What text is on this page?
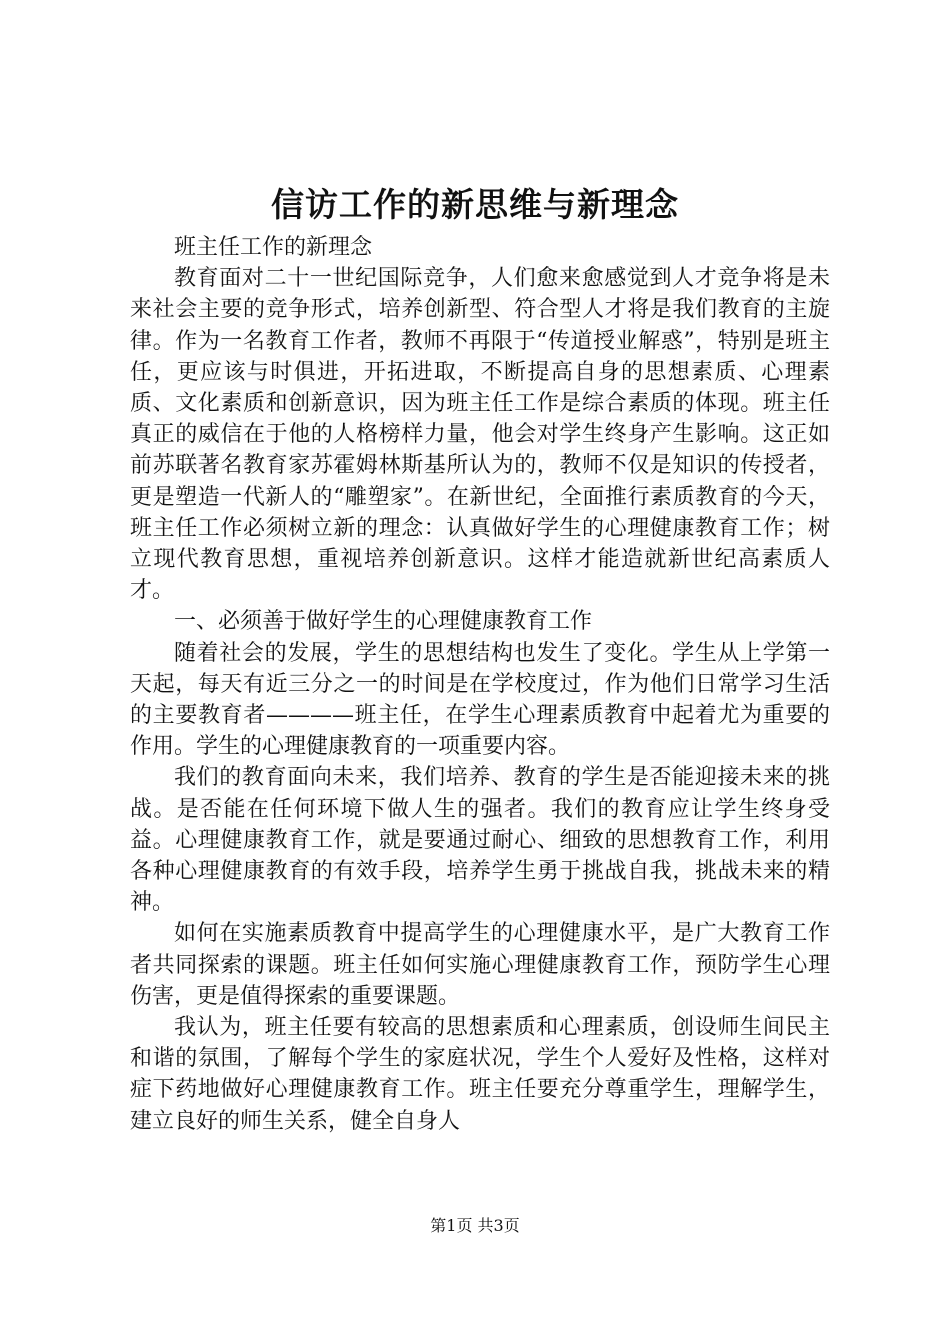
信访工作的新思维与新理念

班主任工作的新理念

教育面对二十一世纪国际竞争，人们愈来愈感觉到人才竞争将是未来社会主要的竞争形式，培养创新型、符合型人才将是我们教育的主旋律。作为一名教育工作者，教师不再限于“传道授业解惑”，特别是班主任，更应该与时俱进，开拓进取，不断提高自身的思想素质、心理素质、文化素质和创新意识，因为班主任工作是综合素质的体现。班主任真正的威信在于他的人格榜样力量，他会对学生终身产生影响。这正如前苏联著名教育家苏霍姆林斯基所认为的，教师不仅是知识的传授者，更是塑造一代新人的“雕塑家”。在新世纪，全面推行素质教育的今天，班主任工作必须树立新的理念：认真做好学生的心理健康教育工作；树立现代教育思想，重视培养创新意识。这样才能造就新世纪高素质人才。

一、必须善于做好学生的心理健康教育工作

随着社会的发展，学生的思想结构也发生了变化。学生从上学第一天起，每天有近三分之一的时间是在学校度过，作为他们日常学习生活的主要教育者————班主任，在学生心理素质教育中起着尤为重要的作用。学生的心理健康教育的一项重要内容。

我们的教育面向未来，我们培养、教育的学生是否能迎接未来的挑战。是否能在任何环境下做人生的强者。我们的教育应让学生终身受益。心理健康教育工作，就是要通过耐心、细致的思想教育工作，利用各种心理健康教育的有效手段，培养学生勇于挑战自我，挑战未来的精神。

如何在实施素质教育中提高学生的心理健康水平，是广大教育工作者共同探索的课题。班主任如何实施心理健康教育工作，预防学生心理伤害，更是值得探索的重要课题。

我认为，班主任要有较高的思想素质和心理素质，创设师生间民主和谐的氛围，了解每个学生的家庭状况，学生个人爱好及性格，这样对症下药地做好心理健康教育工作。班主任要充分尊重学生，理解学生，建立良好的师生关系，健全自身人

第1页 共3页
